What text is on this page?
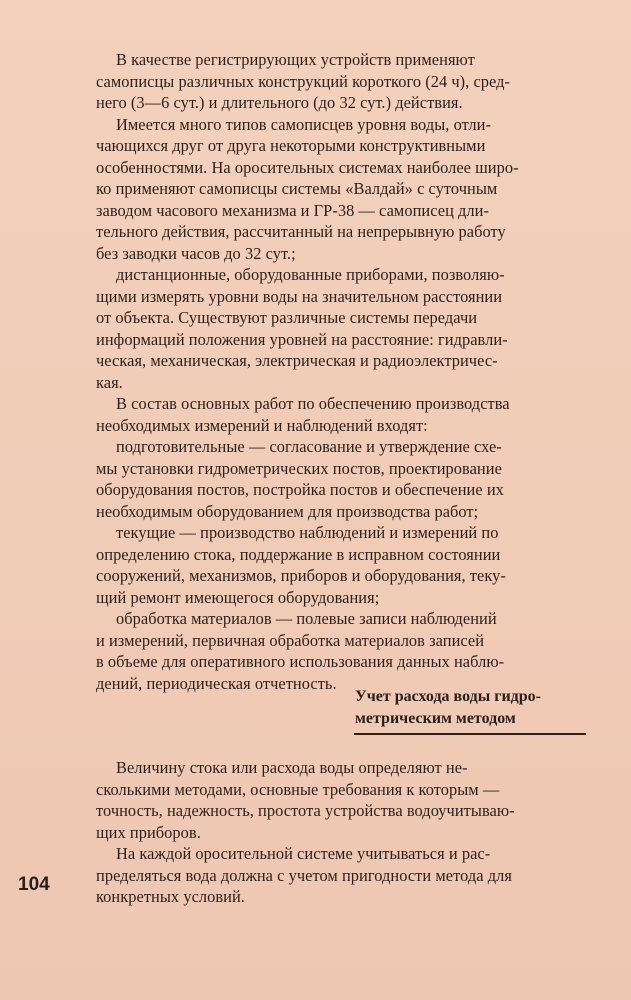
В качестве регистрирующих устройств применяют
самописцы различных конструкций короткого (24 ч), сред-
него (3—6 сут.) и длительного (до 32 сут.) действия.
Имеется много типов самописцев уровня воды, отли-
чающихся друг от друга некоторыми конструктивными
особенностями. На оросительных системах наиболее широ-
ко применяют самописцы системы «Валдай» с суточным
заводом часового механизма и ГР-38 — самописец дли-
тельного действия, рассчитанный на непрерывную работу
без заводки часов до 32 сут.;
дистанционные, оборудованные приборами, позволяю-
щими измерять уровни воды на значительном расстоянии
от объекта. Существуют различные системы передачи
информаций положения уровней на расстояние: гидравли-
ческая, механическая, электрическая и радиоэлектричес-
кая.
В состав основных работ по обеспечению производства
необходимых измерений и наблюдений входят:
подготовительные — согласование и утверждение схе-
мы установки гидрометрических постов, проектирование
оборудования постов, постройка постов и обеспечение их
необходимым оборудованием для производства работ;
текущие — производство наблюдений и измерений по
определению стока, поддержание в исправном состоянии
сооружений, механизмов, приборов и оборудования, теку-
щий ремонт имеющегося оборудования;
обработка материалов — полевые записи наблюдений
и измерений, первичная обработка материалов записей
в объеме для оперативного использования данных наблю-
дений, периодическая отчетность.
Учет расхода воды гидро-
метрическим методом
Величину стока или расхода воды определяют не-
сколькими методами, основные требования к которым —
точность, надежность, простота устройства водоучитываю-
щих приборов.
На каждой оросительной системе учитываться и рас-
пределяться вода должна с учетом пригодности метода для
конкретных условий.
104
